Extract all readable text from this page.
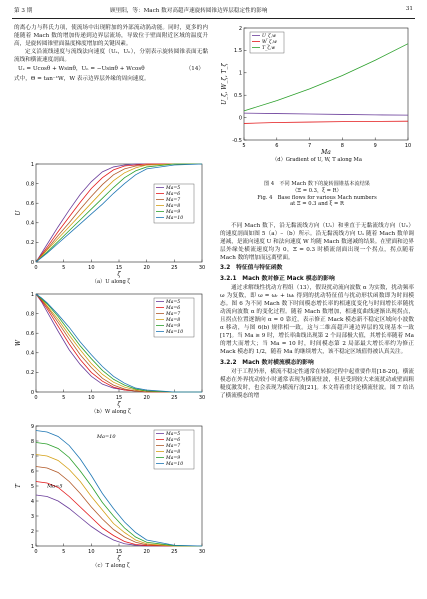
第 3 期	顾里阳，等：Mach 数对高超声速旋转圆锥边界层稳定性的影响	31

的离心力与科氏力项，使流场中出现附加的外部流动涡动能。同时，更多的内能随着 Mach 数的增加传递到边界层流场，导致位于壁面附近区域的温度升高，是旋转圆锥壁面温度梯度增加的关键因素。

定义沿流线速度与流线法向速度（Uₛ，Uₙ），分别表示旋转圆锥表面无黏流线和横流速度剖面。

Uₛ = Ucosθ + Wsinθ，Uₙ = −Usinθ + Wcosθ	（14）

式中，Θ = tan⁻¹W，W 表示边界层外缘的周向速度。

0	5	10	15	20	25	30
0
0.2
0.4
0.6
0.8
1
ζ
U
Ma=5
Ma=6
Ma=7
Ma=8
Ma=9
Ma=10
（a）U along ζ
0	5	10	15	20	25	30
0
0.2
0.4
0.6
0.8
1
ζ
W
Ma=5
Ma=6
Ma=7
Ma=8
Ma=9
Ma=10
（b）W along ζ
0	5	10	15	20	25	30
1
2
3
4
5
6
7
8
9
ζ
T
Ma=5
Ma=6
Ma=7
Ma=8
Ma=9
Ma=10
Ma=10
Ma=5
（c）T along ζ
5	6	7	8	9	10
-0.5
0
0.5
1
1.5
2
Ma
U_ζ, W_ζ, T_ζ
U_ζ,w
W_ζ,w
T_ζ,w
（d）Gradient of U, W, T along Ma
图 4　不同 Mach 数下的旋转圆锥基本流结果
（Ξ = 0.3，ξ = R）
Fig. 4　Base flows for various Mach numbers
at Ξ = 0.3 and ξ = R

不同 Mach 数下，沿无黏流线方向（Uₛ）和垂直于无黏流线方向（Uₙ）的速度剖面如图 5（a）–（b）所示。沿无黏流线方向 Uₛ 随着 Mach 数单调递减，是流向速度 U 和法向速度 W 均随 Mach 数递减的结果。在壁面和边界层外缘处横流速度均为 0，Ξ = 0.3 时横流剖面出现一个拐点，拐点随着 Mach 数的增加而远离壁面。

3.2　特征值与特征函数
3.2.1　Mach 数对修正 Mack 模态的影响

通过求解线性扰动方程组（13），假设扰动流向波数 α 为实数，扰动频率 ω 为复数，即 ω = ωᵣ + iωᵢ 得到的扰动特征值与扰动形状函数即为时间模态。图 6 为不同 Mach 数下时间模态增长率的相速度变化与时间增长率随扰动流向波数 α 的变化过程。随着 Mach 数增加，相速度曲线逐渐出现拐点，且拐点位置逐渐向 α = 0 靠近，表示修正 Mack 模态新不稳定区域向小波数 α 移动，与图 6(b) 规律相一致。这与二维高超声速边界层的发现基本一致[17]。当 Ma ≥ 9 时，增长率曲线出现第 2 个局部极大值，其增长率随着 Ma 的增大而增大；当 Ma = 10 时，时间模态第 2 局部最大增长率约为修正 Mack 模态的 1/2，随着 Ma 的继续增大，该不稳定区域值得被认真关注。

3.2.2　Mach 数对横流模态的影响

对于工程外形，横流不稳定性通常在转捩过程中起重要作用[18-20]。横流模态在外界扰动较小时通常表现为横流驻波，但是受到较大来流扰动或壁面粗糙度激发时，也会表现为横流行波[21]。本文将着重讨论横流驻波。图 7 给出了横流模态的增
